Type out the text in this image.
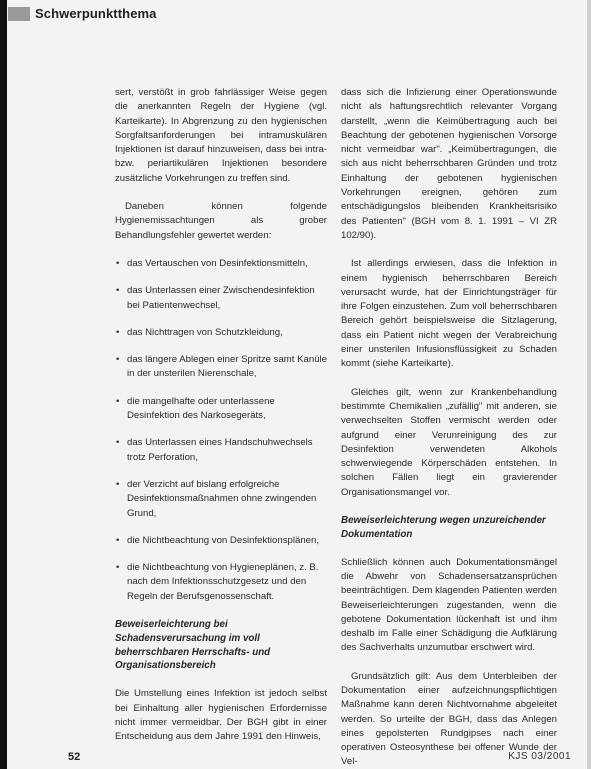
Schwerpunktthema

sert, verstößt in grob fahrlässiger Weise gegen die anerkannten Regeln der Hygiene (vgl. Karteikarte). In Abgrenzung zu den hygienischen Sorgfaltsanforderungen bei intramuskulären Injektionen ist darauf hinzuweisen, dass bei intra- bzw. periartikulären Injektionen besondere zusätzliche Vorkehrungen zu treffen sind.

Daneben können folgende Hygienemissachtungen als grober Behandlungsfehler gewertet werden:

• das Vertauschen von Desinfektionsmitteln,
• das Unterlassen einer Zwischendesinfektion bei Patientenwechsel,
• das Nichttragen von Schutzkleidung,
• das längere Ablegen einer Spritze samt Kanüle in der unsterilen Nierenschale,
• die mangelhafte oder unterlassene Desinfektion des Narkosegeräts,
• das Unterlassen eines Handschuhwechsels trotz Perforation,
• der Verzicht auf bislang erfolgreiche Desinfektionsmaßnahmen ohne zwingenden Grund,
• die Nichtbeachtung von Desinfektionsplänen,
• die Nichtbeachtung von Hygieneplänen, z. B. nach dem Infektionsschutzgesetz und den Regeln der Berufsgenossenschaft.
Beweiserleichterung bei Schadensverursachung im voll beherrschbaren Herrschafts- und Organisationsbereich

Die Umstellung eines Infektion ist jedoch selbst bei Einhaltung aller hygienischen Erfordernisse nicht immer vermeidbar. Der BGH gibt in einer Entscheidung aus dem Jahre 1991 den Hinweis,

dass sich die Infizierung einer Operationswunde nicht als haftungsrechtlich relevanter Vorgang darstellt, „wenn die Keimübertragung auch bei Beachtung der gebotenen hygienischen Vorsorge nicht vermeidbar war". „Keimübertragungen, die sich aus nicht beherrschbaren Gründen und trotz Einhaltung der gebotenen hygienischen Vorkehrungen ereignen, gehören zum entschädigungslos bleibenden Krankheitsrisiko des Patienten" (BGH vom 8. 1. 1991 – VI ZR 102/90).

Ist allerdings erwiesen, dass die Infektion in einem hygienisch beherrschbaren Bereich verursacht wurde, hat der Einrichtungsträger für ihre Folgen einzustehen. Zum voll beherrschbaren Bereich gehört beispielsweise die Sitzlagerung, dass ein Patient nicht wegen der Verabreichung einer unsterilen Infusionsflüssigkeit zu Schaden kommt (siehe Karteikarte).

Gleiches gilt, wenn zur Krankenbehandlung bestimmte Chemikalien „zufällig" mit anderen, sie verwechselten Stoffen vermischt werden oder aufgrund einer Verunreinigung des zur Desinfektion verwendeten Alkohols schwerwiegende Körperschäden entstehen. In solchen Fällen liegt ein gravierender Organisationsmangel vor.

Beweiserleichterung wegen unzureichender Dokumentation

Schließlich können auch Dokumentationsmängel die Abwehr von Schadensersatzansprüchen beeinträchtigen. Dem klagenden Patienten werden Beweiserleichterungen zugestanden, wenn die gebotene Dokumentation lückenhaft ist und ihm deshalb im Falle einer Schädigung die Aufklärung des Sachverhalts unzumutbar erschwert wird.

Grundsätzlich gilt: Aus dem Unterbleiben der Dokumentation einer aufzeichnungspflichtigen Maßnahme kann deren Nichtvornahme abgeleitet werden. So urteilte der BGH, dass das Anlegen eines gepolsterten Rundgipses nach einer operativen Osteosynthese bei offener Wunde der Vel-

52	KJS 03/2001
